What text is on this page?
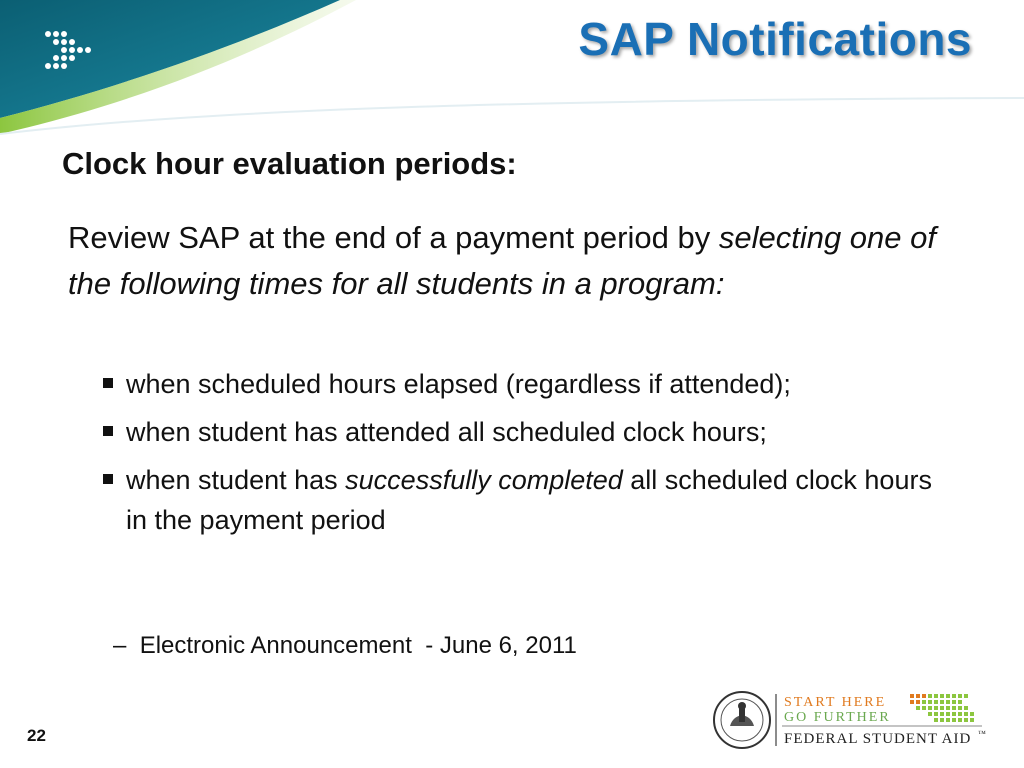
SAP Notifications
Clock hour evaluation periods:
Review SAP at the end of a payment period by selecting one of the following times for all students in a program:
when scheduled hours elapsed (regardless if attended);
when student has attended all scheduled clock hours;
when student has successfully completed all scheduled clock hours in the payment period
– Electronic Announcement  - June 6, 2011
22
START HERE
GO FURTHER
FEDERAL STUDENT AID ™
